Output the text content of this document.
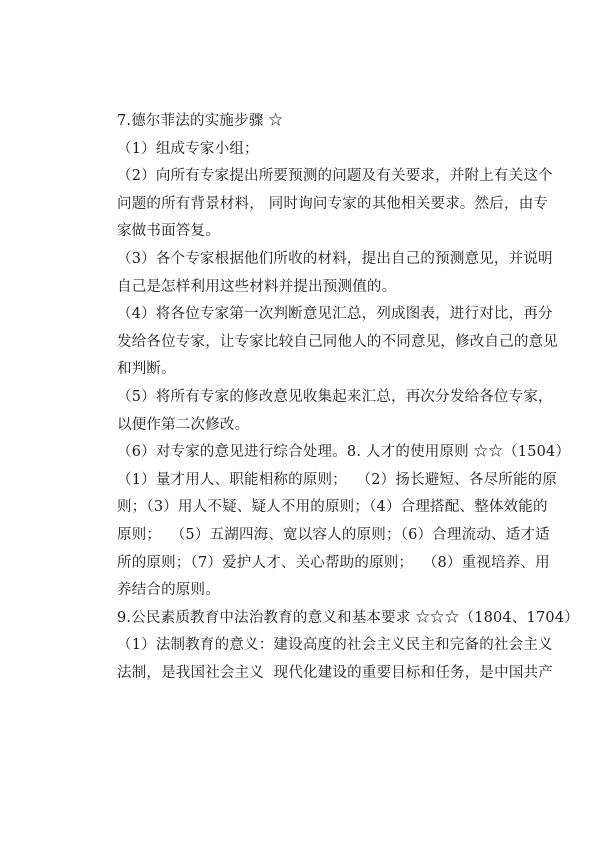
7.德尔菲法的实施步骤 ☆
（1）组成专家小组；
（2）向所有专家提出所要预测的问题及有关要求，并附上有关这个
问题的所有背景材料， 同时询问专家的其他相关要求。然后，由专
家做书面答复。
（3）各个专家根据他们所收的材料，提出自己的预测意见，并说明
自己是怎样利用这些材料并提出预测值的。
（4）将各位专家第一次判断意见汇总，列成图表，进行对比，再分
发给各位专家，让专家比较自己同他人的不同意见，修改自己的意见
和判断。
（5）将所有专家的修改意见收集起来汇总，再次分发给各位专家，
以便作第二次修改。
（6）对专家的意见进行综合处理。8. 人才的使用原则 ☆☆（1504）
（1）量才用人、职能相称的原则；  （2）扬长避短、各尽所能的原
则；（3）用人不疑、疑人不用的原则；（4）合理搭配、整体效能的
原则；  （5）五湖四海、宽以容人的原则；（6）合理流动、适才适
所的原则；（7）爱护人才、关心帮助的原则；  （8）重视培养、用
养结合的原则。
9.公民素质教育中法治教育的意义和基本要求 ☆☆☆（1804、1704）
（1）法制教育的意义：建设高度的社会主义民主和完备的社会主义
法制，是我国社会主义  现代化建设的重要目标和任务，是中国共产
